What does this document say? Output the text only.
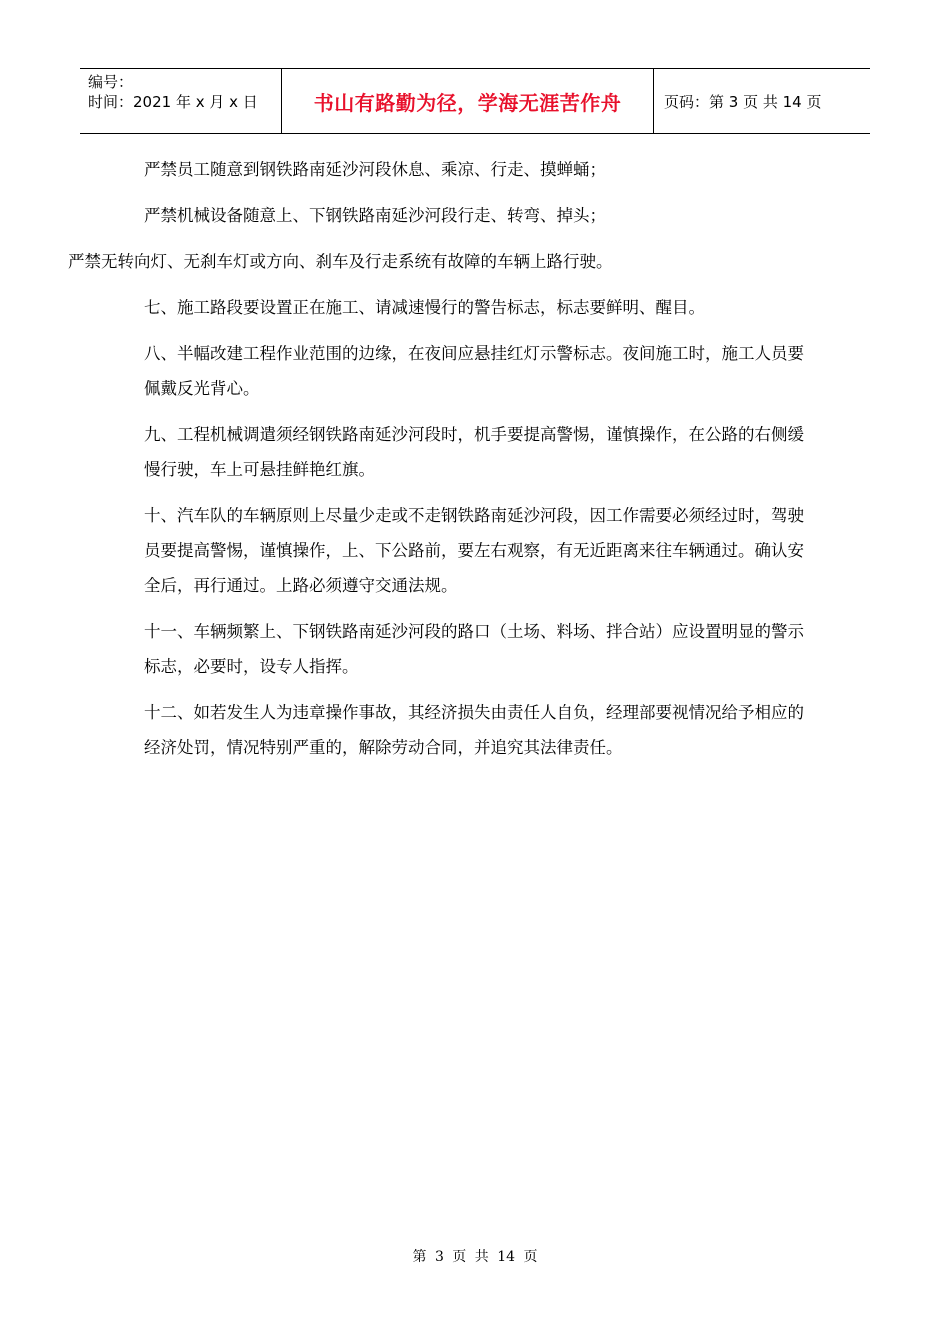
编号：
时间：2021 年 x 月 x 日	书山有路勤为径，学海无涯苦作舟	页码：第 3 页 共 14 页

严禁员工随意到钢铁路南延沙河段休息、乘凉、行走、摸蝉蛹；

严禁机械设备随意上、下钢铁路南延沙河段行走、转弯、掉头；

严禁无转向灯、无刹车灯或方向、刹车及行走系统有故障的车辆上路行驶。

七、施工路段要设置正在施工、请减速慢行的警告标志，标志要鲜明、醒目。

八、半幅改建工程作业范围的边缘，在夜间应悬挂红灯示警标志。夜间施工时，施工人员要佩戴反光背心。

九、工程机械调遣须经钢铁路南延沙河段时，机手要提高警惕，谨慎操作，在公路的右侧缓慢行驶，车上可悬挂鲜艳红旗。

十、汽车队的车辆原则上尽量少走或不走钢铁路南延沙河段，因工作需要必须经过时，驾驶员要提高警惕，谨慎操作，上、下公路前，要左右观察，有无近距离来往车辆通过。确认安全后，再行通过。上路必须遵守交通法规。

十一、车辆频繁上、下钢铁路南延沙河段的路口（土场、料场、拌合站）应设置明显的警示标志，必要时，设专人指挥。

十二、如若发生人为违章操作事故，其经济损失由责任人自负，经理部要视情况给予相应的经济处罚，情况特别严重的，解除劳动合同，并追究其法律责任。

第 3 页 共 14 页
